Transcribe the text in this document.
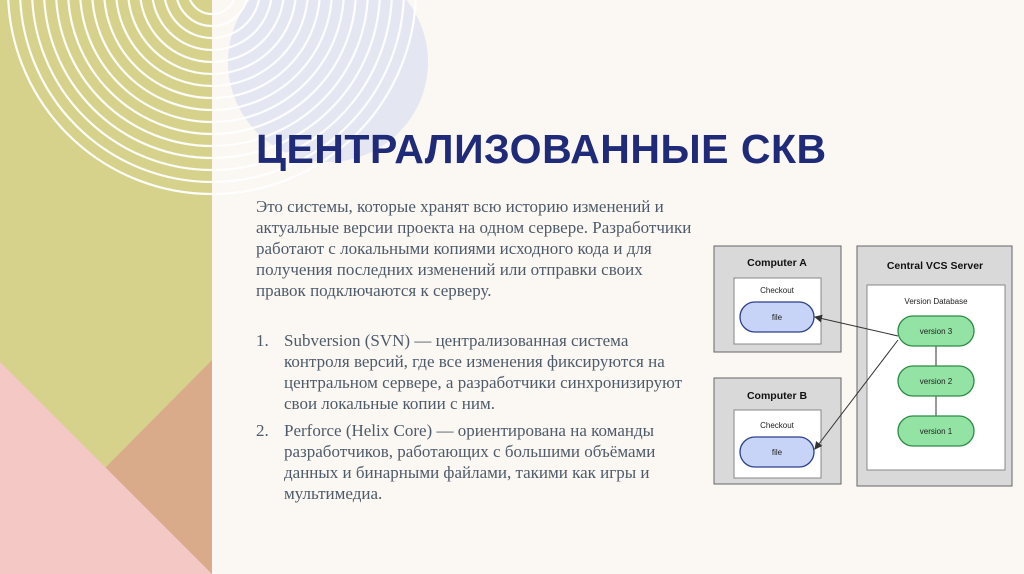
ЦЕНТРАЛИЗОВАННЫЕ СКВ
Это системы, которые хранят всю историю изменений и актуальные версии проекта на одном сервере. Разработчики работают с локальными копиями исходного кода и для получения последних изменений или отправки своих правок подключаются к серверу.
1. Subversion (SVN) — централизованная система контроля версий, где все изменения фиксируются на центральном сервере, а разработчики синхронизируют свои локальные копии с ним.
2. Perforce (Helix Core) — ориентирована на команды разработчиков, работающих с большими объёмами данных и бинарными файлами, такими как игры и мультимедиа.
Computer A
Checkout
file
Computer B
Checkout
file
Central VCS Server
Version Database
version 3
version 2
version 1
